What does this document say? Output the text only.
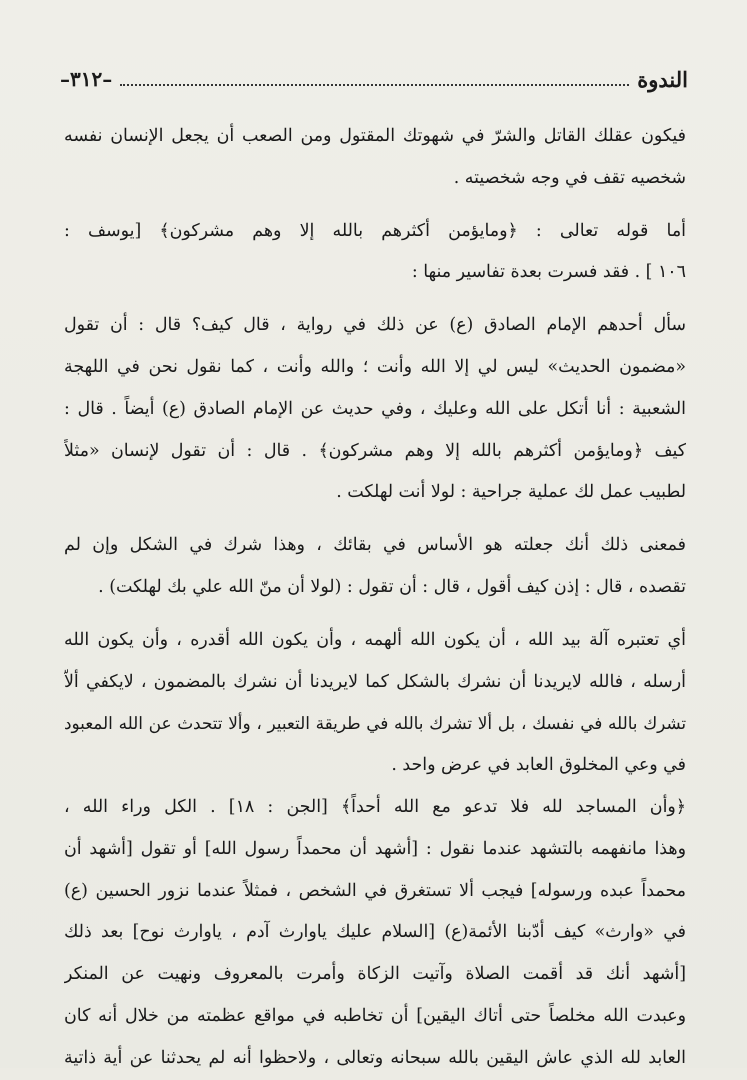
الندوة
–٣١٢–
فيكون عقلك القاتل والشرّ في شهوتك المقتول ومن الصعب أن يجعل الإنسان نفسه
شخصيه تقف في وجه شخصيته .
أما قوله تعالى : ﴿ومايؤمن أكثرهم بالله إلا وهم مشركون﴾ [يوسف :
١٠٦ ] . فقد فسرت بعدة تفاسير منها :
سأل أحدهم الإمام الصادق (ع) عن ذلك في رواية ، قال كيف؟ قال : أن تقول
«مضمون الحديث» ليس لي إلا الله وأنت ؛ والله وأنت ، كما نقول نحن في اللهجة
الشعبية : أنا أتكل على الله وعليك ، وفي حديث عن الإمام الصادق (ع) أيضاً . قال :
كيف ﴿ومايؤمن أكثرهم بالله إلا وهم مشركون﴾ . قال : أن تقول لإنسان «مثلاً
لطبيب عمل لك عملية جراحية : لولا أنت لهلكت .
فمعنى ذلك أنك جعلته هو الأساس في بقائك ، وهذا شرك في الشكل وإن لم
تقصده ، قال : إذن كيف أقول ، قال : أن تقول : (لولا أن منّ الله علي بك لهلكت) .
أي تعتبره آلة بيد الله ، أن يكون الله ألهمه ، وأن يكون الله أقدره ، وأن يكون الله
أرسله ، فالله لايريدنا أن نشرك بالشكل كما لايريدنا أن نشرك بالمضمون ، لايكفي ألاّ
تشرك بالله في نفسك ، بل ألا تشرك بالله في طريقة التعبير ، وألا تتحدث عن الله المعبود
في وعي المخلوق العابد في عرض واحد .
﴿وأن المساجد لله فلا تدعو مع الله أحداً﴾ [الجن : ١٨] . الكل وراء الله ،
وهذا مانفهمه بالتشهد عندما نقول : [أشهد أن محمداً رسول الله] أو تقول [أشهد أن
محمداً عبده ورسوله] فيجب ألا تستغرق في الشخص ، فمثلاً عندما نزور الحسين (ع)
في «وارث» كيف أدّبنا الأئمة(ع) [السلام عليك ياوارث آدم ، ياوارث نوح] بعد ذلك
[أشهد أنك قد أقمت الصلاة وآتيت الزكاة وأمرت بالمعروف ونهيت عن المنكر
وعبدت الله مخلصاً حتى أتاك اليقين] أن تخاطبه في مواقع عظمته من خلال أنه كان
العابد لله الذي عاش اليقين بالله سبحانه وتعالى ، ولاحظوا أنه لم يحدثنا عن أية ذاتية
